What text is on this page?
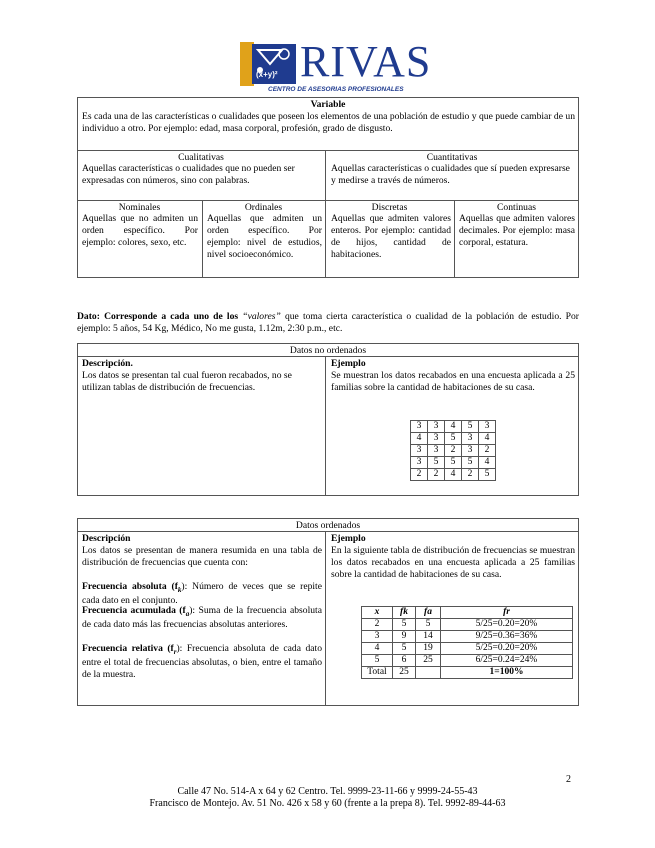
(x+y)² RIVAS
CENTRO DE ASESORIAS PROFESIONALES
Variable
Es cada una de las características o cualidades que poseen los elementos de una población de estudio y que puede cambiar de un individuo a otro. Por ejemplo: edad, masa corporal, profesión, grado de disgusto.
Cualitativas
Aquellas características o cualidades que no pueden ser expresadas con números, sino con palabras.
Cuantitativas
Aquellas características o cualidades que sí pueden expresarse y medirse a través de números.
Nominales
Aquellas que no admiten un orden específico. Por ejemplo: colores, sexo, etc.
Ordinales
Aquellas que admiten un orden específico. Por ejemplo: nivel de estudios, nivel socioeconómico.
Discretas
Aquellas que admiten valores enteros. Por ejemplo: cantidad de hijos, cantidad de habitaciones.
Continuas
Aquellas que admiten valores decimales. Por ejemplo: masa corporal, estatura.
Dato: Corresponde a cada uno de los “valores” que toma cierta característica o cualidad de la población de estudio. Por ejemplo: 5 años, 54 Kg, Médico, No me gusta, 1.12m, 2:30 p.m., etc.
Datos no ordenados
Descripción.
Los datos se presentan tal cual fueron recabados, no se utilizan tablas de distribución de frecuencias.
Ejemplo
Se muestran los datos recabados en una encuesta aplicada a 25 familias sobre la cantidad de habitaciones de su casa.
3	3	4	5	3
4	3	5	3	4
3	3	2	3	2
3	5	5	5	4
2	2	4	2	5
Datos ordenados
Descripción
Los datos se presentan de manera resumida en una tabla de distribución de frecuencias que cuenta con:
Frecuencia absoluta $(f_k)$: Número de veces que se repite cada dato en el conjunto.
Frecuencia acumulada $(f_a)$: Suma de la frecuencia absoluta de cada dato más las frecuencias absolutas anteriores.
Frecuencia relativa $(f_r)$: Frecuencia absoluta de cada dato entre el total de frecuencias absolutas, o bien, entre el tamaño de la muestra.
Ejemplo
En la siguiente tabla de distribución de frecuencias se muestran los datos recabados en una encuesta aplicada a 25 familias sobre la cantidad de habitaciones de su casa.
x	fk	fa	fr
2	5	5	5/25=0.20=20%
3	9	14	9/25=0.36=36%
4	5	19	5/25=0.20=20%
5	6	25	6/25=0.24=24%
Total	25		1=100%
2
Calle 47 No. 514-A x 64 y 62 Centro. Tel. 9999-23-11-66 y 9999-24-55-43
Francisco de Montejo. Av. 51 No. 426 x 58 y 60 (frente a la prepa 8). Tel. 9992-89-44-63
